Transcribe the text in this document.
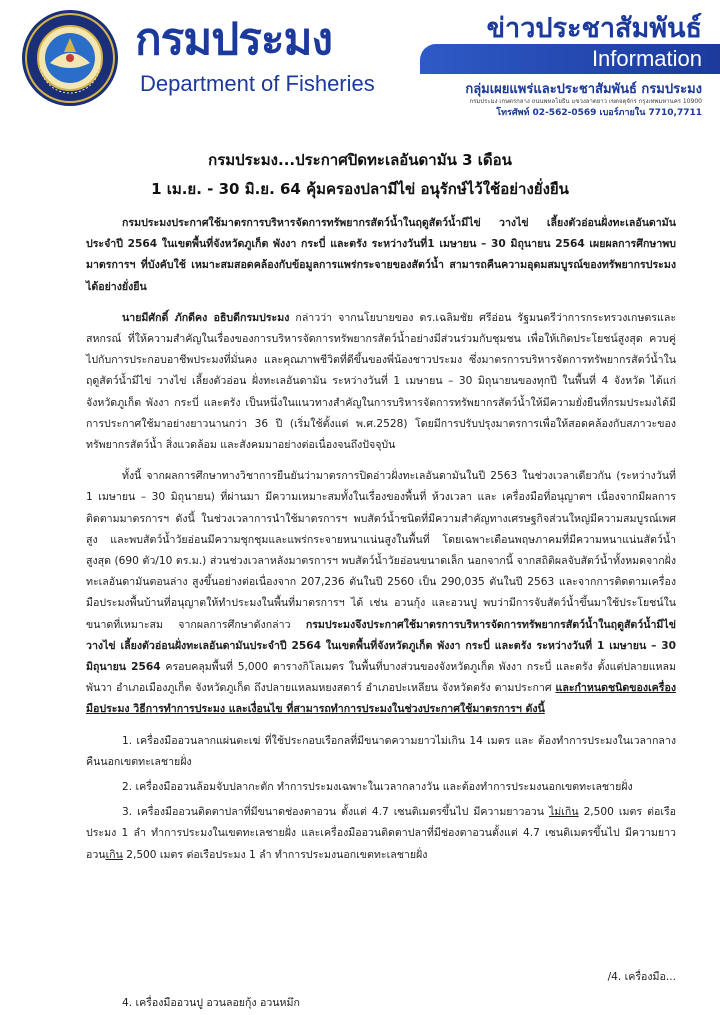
กรมประมง
Department of Fisheries
ข่าวประชาสัมพันธ์
Information
กลุ่มเผยแพร่และประชาสัมพันธ์ กรมประมง
กรมประมง เกษตรกลาง ถนนพหลโยธิน แขวงลาดยาว เขตจตุจักร กรุงเทพมหานคร 10900
โทรศัพท์ 02-562-0569 เบอร์ภายใน 7710,7711
กรมประมง...ประกาศปิดทะเลอันดามัน 3 เดือน
1 เม.ย. - 30 มิ.ย. 64 คุ้มครองปลามีไข่ อนุรักษ์ไว้ใช้อย่างยั่งยืน

กรมประมงประกาศใช้มาตรการบริหารจัดการทรัพยากรสัตว์น้ำในฤดูสัตว์น้ำมีไข่ วางไข่ เลี้ยงตัวอ่อนฝั่งทะเลอันดามันประจำปี 2564 ในเขตพื้นที่จังหวัดภูเก็ต พังงา กระบี่ และตรัง ระหว่างวันที่1 เมษายน – 30 มิถุนายน 2564 เผยผลการศึกษาพบมาตรการฯ ที่บังคับใช้ เหมาะสมสอดคล้องกับข้อมูลการแพร่กระจายของสัตว์น้ำ สามารถคืนความอุดมสมบูรณ์ของทรัพยากรประมงได้อย่างยั่งยืน

นายมีศักดิ์ ภักดีคง อธิบดีกรมประมง กล่าวว่า จากนโยบายของ ดร.เฉลิมชัย ศรีอ่อน รัฐมนตรีว่าการกระทรวงเกษตรและสหกรณ์ ที่ให้ความสำคัญในเรื่องของการบริหารจัดการทรัพยากรสัตว์น้ำอย่างมีส่วนร่วมกับชุมชน เพื่อให้เกิดประโยชน์สูงสุด ควบคู่ไปกับการประกอบอาชีพประมงที่มั่นคง และคุณภาพชีวิตที่ดีขึ้นของพี่น้องชาวประมง ซึ่งมาตรการบริหารจัดการทรัพยากรสัตว์น้ำในฤดูสัตว์น้ำมีไข่ วางไข่ เลี้ยงตัวอ่อน ฝั่งทะเลอันดามัน ระหว่างวันที่ 1 เมษายน – 30 มิถุนายนของทุกปี ในพื้นที่ 4 จังหวัด ได้แก่ จังหวัดภูเก็ต พังงา กระบี่ และตรัง เป็นหนึ่งในแนวทางสำคัญในการบริหารจัดการทรัพยากรสัตว์น้ำให้มีความยั่งยืนที่กรมประมงได้มีการประกาศใช้มาอย่างยาวนานกว่า 36 ปี (เริ่มใช้ตั้งแต่ พ.ศ.2528) โดยมีการปรับปรุงมาตรการเพื่อให้สอดคล้องกับสภาวะของทรัพยากรสัตว์น้ำ สิ่งแวดล้อม และสังคมมาอย่างต่อเนื่องจนถึงปัจจุบัน

ทั้งนี้ จากผลการศึกษาทางวิชาการยืนยันว่ามาตรการปิดอ่าวฝั่งทะเลอันดามันในปี 2563 ในช่วงเวลาเดียวกัน (ระหว่างวันที่ 1 เมษายน – 30 มิถุนายน) ที่ผ่านมา มีความเหมาะสมทั้งในเรื่องของพื้นที่ ห้วงเวลา และ เครื่องมือที่อนุญาตฯ เนื่องจากมีผลการติดตามมาตรการฯ ดังนี้ ในช่วงเวลาการนำใช้มาตรการฯ พบสัตว์น้ำชนิดที่มีความสำคัญทางเศรษฐกิจส่วนใหญ่มีความสมบูรณ์เพศสูง และพบสัตว์น้ำวัยอ่อนมีความชุกชุมและแพร่กระจายหนาแน่นสูงในพื้นที่ โดยเฉพาะเดือนพฤษภาคมที่มีความหนาแน่นสัตว์น้ำสูงสุด (690 ตัว/10 ตร.ม.) ส่วนช่วงเวลาหลังมาตรการฯ พบสัตว์น้ำวัยอ่อนขนาดเล็ก นอกจากนี้ จากสถิติผลจับสัตว์น้ำทั้งหมดจากฝั่งทะเลอันดามันตอนล่าง สูงขึ้นอย่างต่อเนื่องจาก 207,236 ตันในปี 2560 เป็น 290,035 ตันในปี 2563 และจากการติดตามเครื่องมือประมงพื้นบ้านที่อนุญาตให้ทำประมงในพื้นที่มาตรการฯ ได้ เช่น อวนกุ้ง และอวนปู พบว่ามีการจับสัตว์น้ำขึ้นมาใช้ประโยชน์ในขนาดที่เหมาะสม จากผลการศึกษาดังกล่าว กรมประมงจึงประกาศใช้มาตรการบริหารจัดการทรัพยากรสัตว์น้ำในฤดูสัตว์น้ำมีไข่ วางไข่ เลี้ยงตัวอ่อนฝั่งทะเลอันดามันประจำปี 2564 ในเขตพื้นที่จังหวัดภูเก็ต พังงา กระบี่ และตรัง ระหว่างวันที่ 1 เมษายน – 30 มิถุนายน 2564 ครอบคลุมพื้นที่ 5,000 ตารางกิโลเมตร ในพื้นที่บางส่วนของจังหวัดภูเก็ต พังงา กระบี่ และตรัง ตั้งแต่ปลายแหลมพันวา อำเภอเมืองภูเก็ต จังหวัดภูเก็ต ถึงปลายแหลมหยงสตาร์ อำเภอปะเหลียน จังหวัดตรัง ตามประกาศ และกำหนดชนิดของเครื่องมือประมง วิธีการทำการประมง และเงื่อนไข ที่สามารถทำการประมงในช่วงประกาศใช้มาตรการฯ ดังนี้

1. เครื่องมืออวนลากแผ่นตะเฆ่ ที่ใช้ประกอบเรือกลที่มีขนาดความยาวไม่เกิน 14 เมตร และ ต้องทำการประมงในเวลากลางคืนนอกเขตทะเลชายฝั่ง

2. เครื่องมืออวนล้อมจับปลากะตัก ทำการประมงเฉพาะในเวลากลางวัน และต้องทำการประมงนอกเขตทะเลชายฝั่ง

3. เครื่องมืออวนติดตาปลาที่มีขนาดช่องตาอวน ตั้งแต่ 4.7 เซนติเมตรขึ้นไป มีความยาวอวน ไม่เกิน 2,500 เมตร ต่อเรือประมง 1 ลำ ทำการประมงในเขตทะเลชายฝั่ง และเครื่องมืออวนติดตาปลาที่มีช่องตาอวนตั้งแต่ 4.7 เซนติเมตรขึ้นไป มีความยาวอวนเกิน 2,500 เมตร ต่อเรือประมง 1 ลำ ทำการประมงนอกเขตทะเลชายฝั่ง

/4. เครื่องมือ...
4. เครื่องมืออวนปู อวนลอยกุ้ง อวนหมึก
